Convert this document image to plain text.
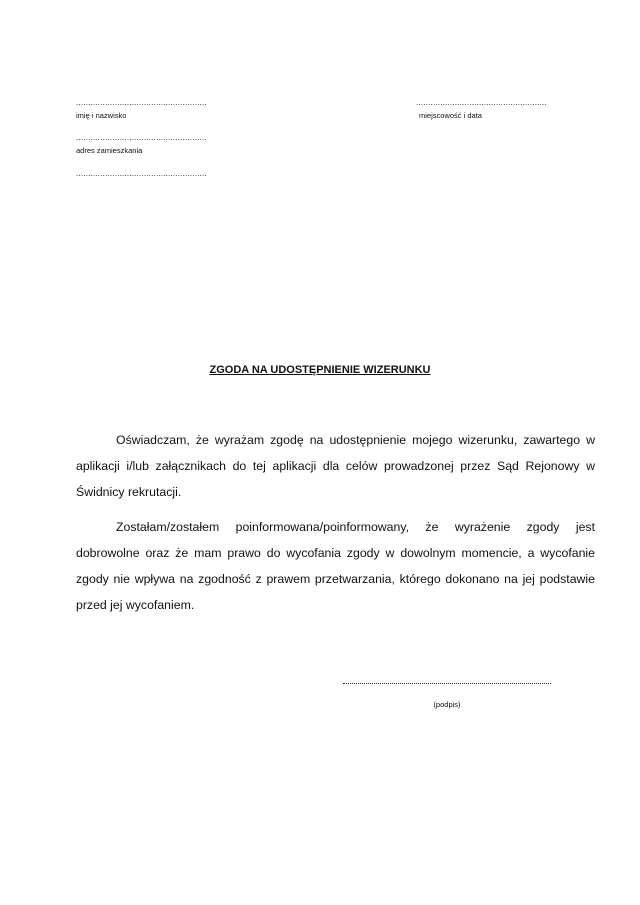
......................................................
imię i nazwisko
......................................................
miejscowość i data
......................................................
adres zamieszkania
......................................................
ZGODA NA UDOSTĘPNIENIE WIZERUNKU

Oświadczam, że wyrażam zgodę na udostępnienie mojego wizerunku, zawartego w aplikacji i/lub załącznikach do tej aplikacji dla celów prowadzonej przez Sąd Rejonowy w Świdnicy rekrutacji.

Zostałam/zostałem poinformowana/poinformowany, że wyrażenie zgody jest dobrowolne oraz że mam prawo do wycofania zgody w dowolnym momencie, a wycofanie zgody nie wpływa na zgodność z prawem przetwarzania, którego dokonano na jej podstawie przed jej wycofaniem.

(podpis)
